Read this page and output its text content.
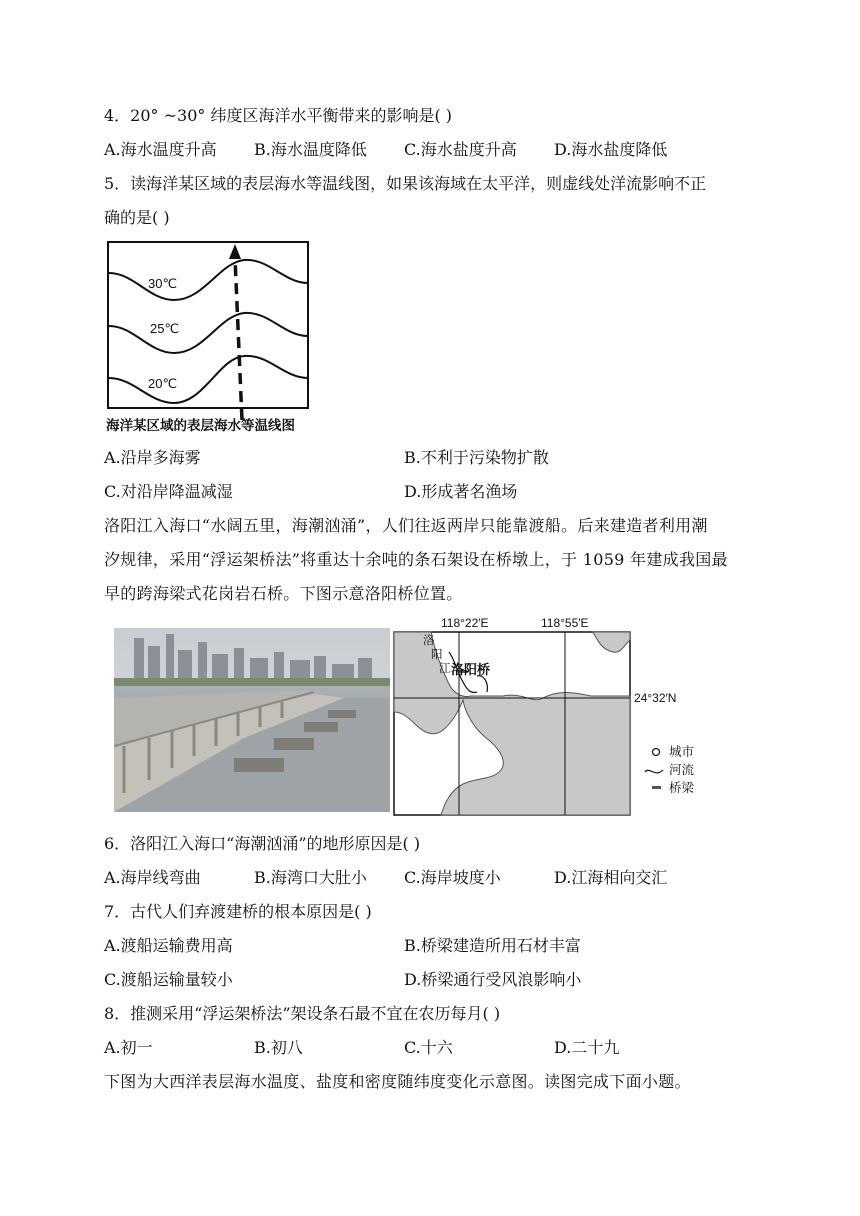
4．20° ~30° 纬度区海洋水平衡带来的影响是( )
A.海水温度升高 B.海水温度降低 C.海水盐度升高 D.海水盐度降低
5．读海洋某区域的表层海水等温线图，如果该海域在太平洋，则虚线处洋流影响不正
确的是( )
30℃
25℃
20℃
海洋某区域的表层海水等温线图
A.沿岸多海雾	B.不利于污染物扩散
C.对沿岸降温减湿	D.形成著名渔场
洛阳江入海口“水阔五里，海潮汹涌”，人们往返两岸只能靠渡船。后来建造者利用潮
汐规律，采用“浮运架桥法”将重达十余吨的条石架设在桥墩上，于 1059 年建成我国最
早的跨海梁式花岗岩石桥。下图示意洛阳桥位置。
118°22′E	118°55′E
24°32′N
洛
阳
江 洛阳桥
城市
河流
桥梁
6．洛阳江入海口“海潮汹涌”的地形原因是( )
A.海岸线弯曲	B.海湾口大肚小 C.海岸坡度小	D.江海相向交汇
7．古代人们弃渡建桥的根本原因是( )
A.渡船运输费用高	B.桥梁建造所用石材丰富
C.渡船运输量较小	D.桥梁通行受风浪影响小
8．推测采用“浮运架桥法”架设条石最不宜在农历每月( )
A.初一	B.初八	C.十六	D.二十九
下图为大西洋表层海水温度、盐度和密度随纬度变化示意图。读图完成下面小题。
